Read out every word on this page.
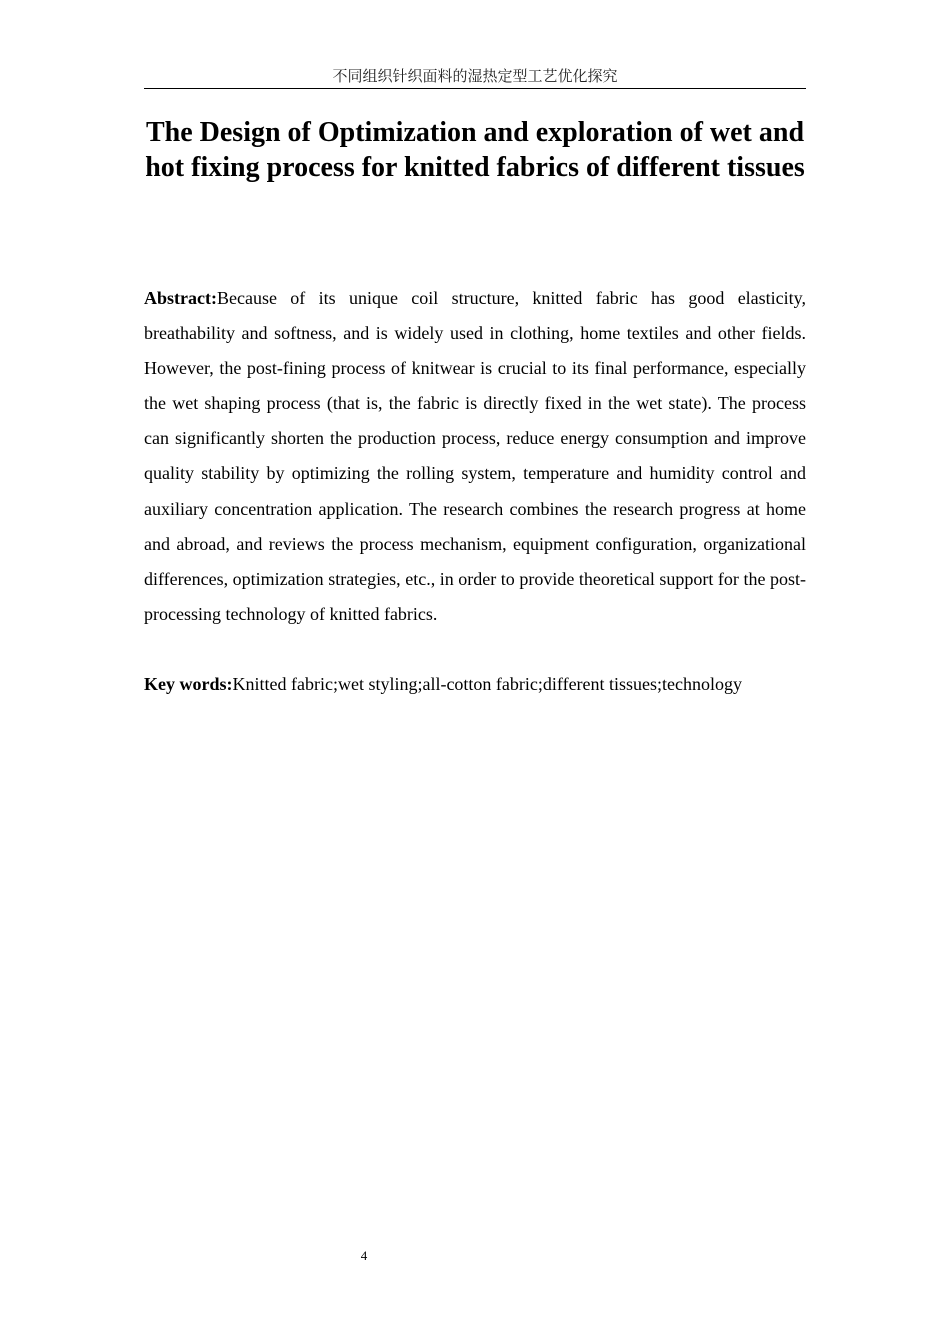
不同组织针织面料的湿热定型工艺优化探究
The Design of Optimization and exploration of wet and hot fixing process for knitted fabrics of different tissues

Abstract:Because of its unique coil structure, knitted fabric has good elasticity, breathability and softness, and is widely used in clothing, home textiles and other fields. However, the post-fining process of knitwear is crucial to its final performance, especially the wet shaping process (that is, the fabric is directly fixed in the wet state). The process can significantly shorten the production process, reduce energy consumption and improve quality stability by optimizing the rolling system, temperature and humidity control and auxiliary concentration application. The research combines the research progress at home and abroad, and reviews the process mechanism, equipment configuration, organizational differences, optimization strategies, etc., in order to provide theoretical support for the post-processing technology of knitted fabrics.

Key words:Knitted fabric;wet styling;all-cotton fabric;different tissues;technology

4
